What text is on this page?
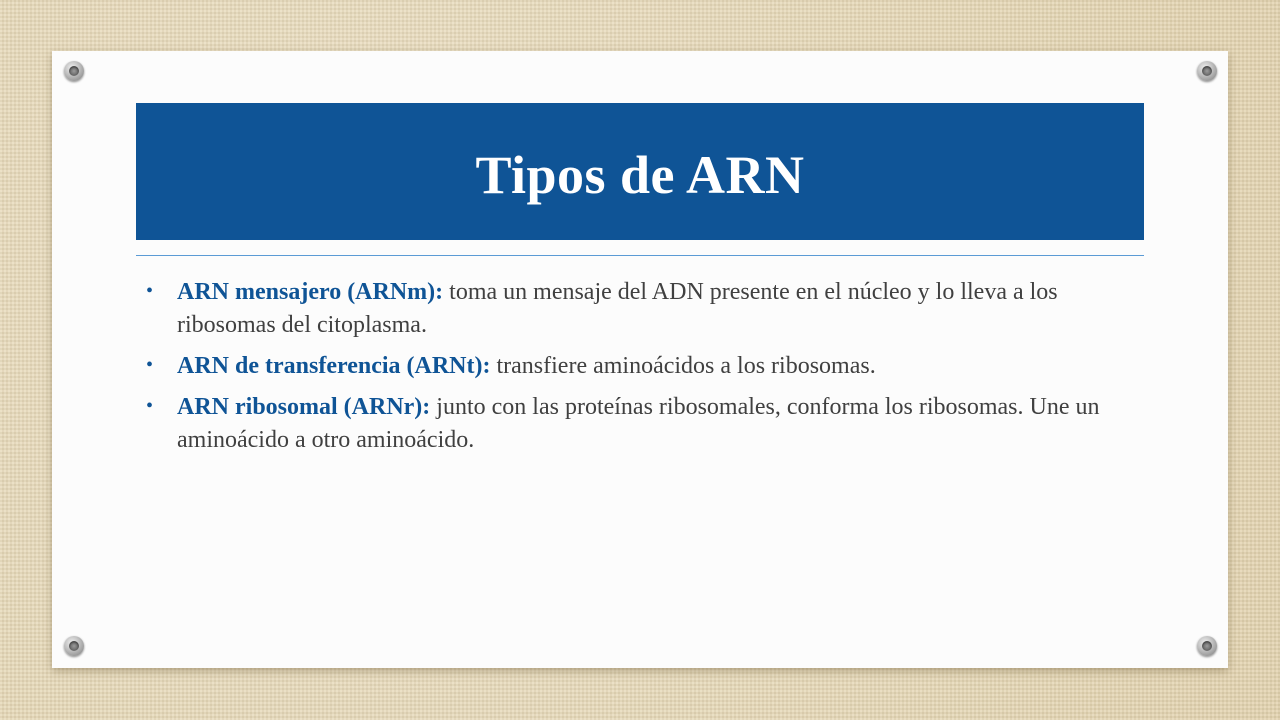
Tipos de ARN
• ARN mensajero (ARNm): toma un mensaje del ADN presente en el núcleo y lo lleva a los ribosomas del citoplasma.
• ARN de transferencia (ARNt): transfiere aminoácidos a los ribosomas.
• ARN ribosomal (ARNr): junto con las proteínas ribosomales, conforma los ribosomas. Une un aminoácido a otro aminoácido.
